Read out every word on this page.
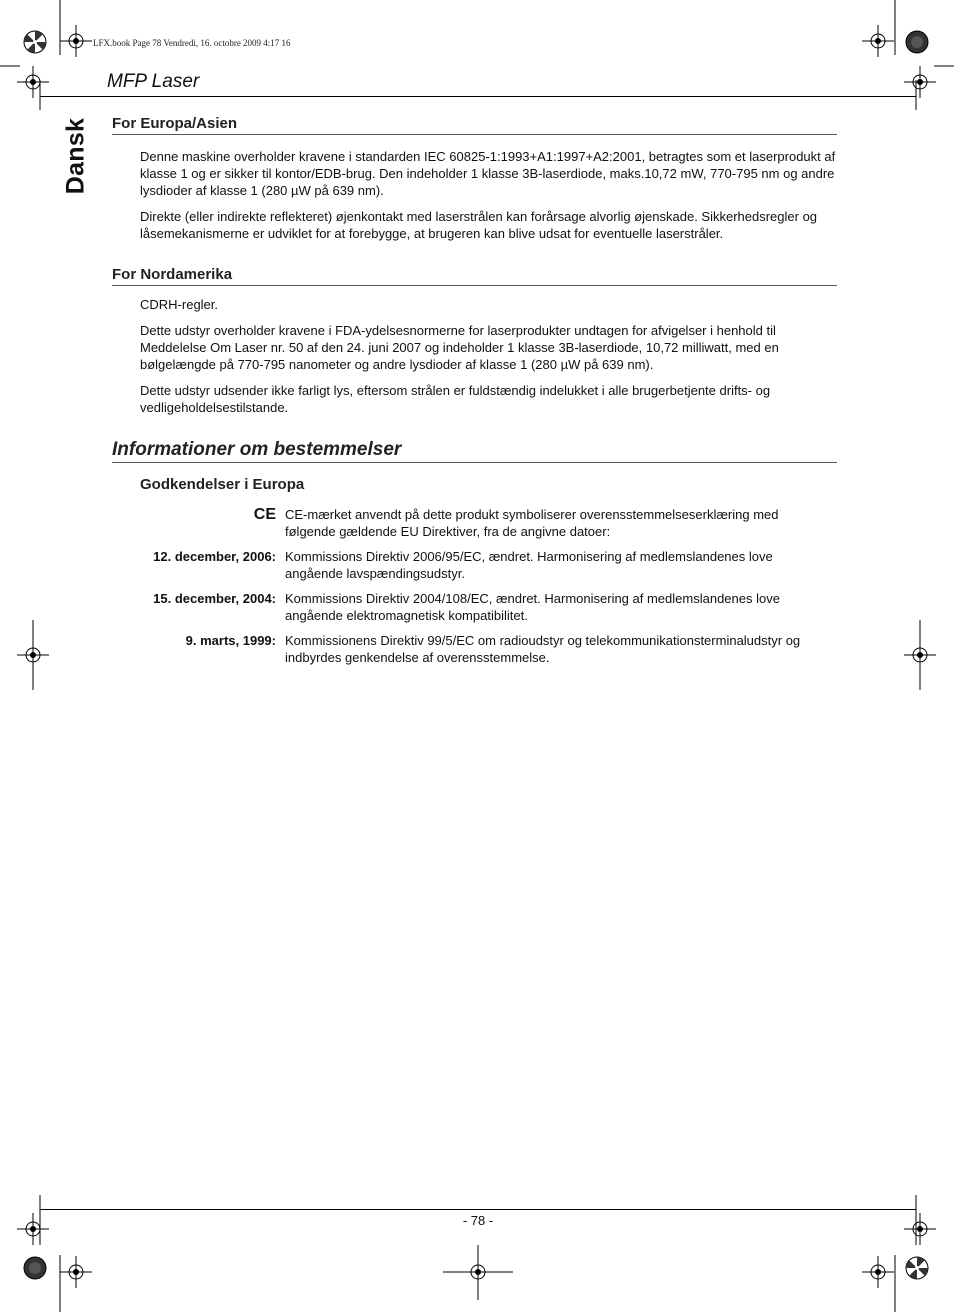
LFX.book Page 78 Vendredi, 16. octobre 2009 4:17 16
MFP Laser
Dansk For Europa/Asien

Denne maskine overholder kravene i standarden IEC 60825-1:1993+A1:1997+A2:2001, betragtes som et laserprodukt af klasse 1 og er sikker til kontor/EDB-brug. Den indeholder 1 klasse 3B-laserdiode, maks.10,72 mW, 770-795 nm og andre lysdioder af klasse 1 (280 µW på 639 nm).

Direkte (eller indirekte reflekteret) øjenkontakt med laserstrålen kan forårsage alvorlig øjenskade. Sikkerhedsregler og låsemekanismerne er udviklet for at forebygge, at brugeren kan blive udsat for eventuelle laserstråler.

For Nordamerika

CDRH-regler.

Dette udstyr overholder kravene i FDA-ydelsesnormerne for laserprodukter undtagen for afvigelser i henhold til Meddelelse Om Laser nr. 50 af den 24. juni 2007 og indeholder 1 klasse 3B-laserdiode, 10,72 milliwatt, med en bølgelængde på 770-795 nanometer og andre lysdioder af klasse 1 (280 µW på 639 nm).

Dette udstyr udsender ikke farligt lys, eftersom strålen er fuldstændig indelukket i alle brugerbetjente drifts- og vedligeholdelsestilstande.

Informationer om bestemmelser
Godkendelser i Europa
CE CE-mærket anvendt på dette produkt symboliserer overensstemmelseserklæring med følgende gældende EU Direktiver, fra de angivne datoer:
12. december, 2006: Kommissions Direktiv 2006/95/EC, ændret. Harmonisering af medlemslandenes love angående lavspændingsudstyr.
15. december, 2004: Kommissions Direktiv 2004/108/EC, ændret. Harmonisering af medlemslandenes love angående elektromagnetisk kompatibilitet.
9. marts, 1999: Kommissionens Direktiv 99/5/EC om radioudstyr og telekommunikationsterminaludstyr og indbyrdes genkendelse af overensstemmelse.
- 78 -
